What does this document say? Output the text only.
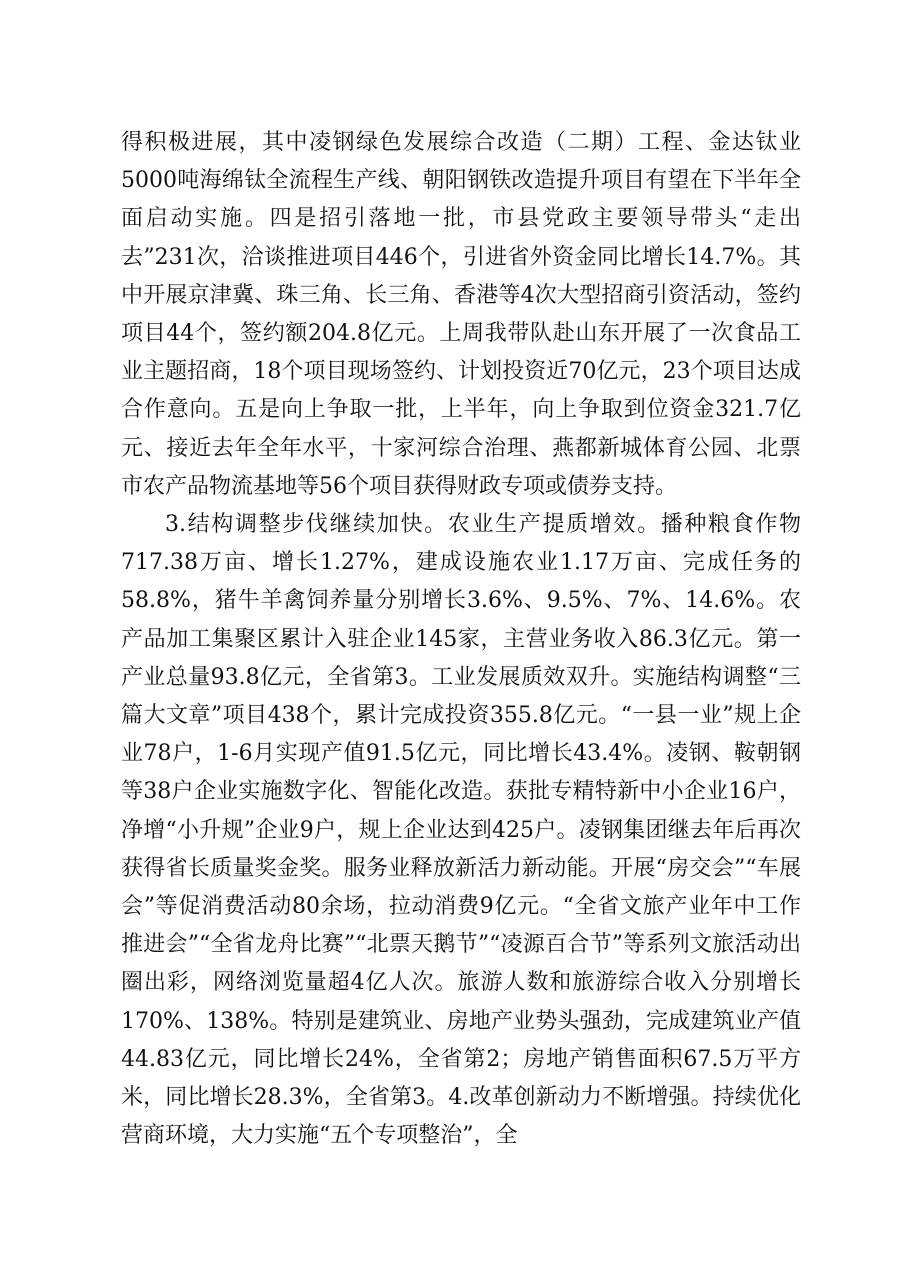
得积极进展，其中凌钢绿色发展综合改造（二期）工程、金达钛业5000吨海绵钛全流程生产线、朝阳钢铁改造提升项目有望在下半年全面启动实施。四是招引落地一批，市县党政主要领导带头“走出去”231次，洽谈推进项目446个，引进省外资金同比增长14.7%。其中开展京津冀、珠三角、长三角、香港等4次大型招商引资活动，签约项目44个，签约额204.8亿元。上周我带队赴山东开展了一次食品工业主题招商，18个项目现场签约、计划投资近70亿元，23个项目达成合作意向。五是向上争取一批，上半年，向上争取到位资金321.7亿元、接近去年全年水平，十家河综合治理、燕都新城体育公园、北票市农产品物流基地等56个项目获得财政专项或债券支持。

3.结构调整步伐继续加快。农业生产提质增效。播种粮食作物717.38万亩、增长1.27%，建成设施农业1.17万亩、完成任务的58.8%，猪牛羊禽饲养量分别增长3.6%、9.5%、7%、14.6%。农产品加工集聚区累计入驻企业145家，主营业务收入86.3亿元。第一产业总量93.8亿元，全省第3。工业发展质效双升。实施结构调整“三篇大文章”项目438个，累计完成投资355.8亿元。“一县一业”规上企业78户，1-6月实现产值91.5亿元，同比增长43.4%。凌钢、鞍朝钢等38户企业实施数字化、智能化改造。获批专精特新中小企业16户，净增“小升规”企业9户，规上企业达到425户。凌钢集团继去年后再次获得省长质量奖金奖。服务业释放新活力新动能。开展“房交会”“车展会”等促消费活动80余场，拉动消费9亿元。“全省文旅产业年中工作推进会”“全省龙舟比赛”“北票天鹅节”“凌源百合节”等系列文旅活动出圈出彩，网络浏览量超4亿人次。旅游人数和旅游综合收入分别增长170%、138%。特别是建筑业、房地产业势头强劲，完成建筑业产值44.83亿元，同比增长24%，全省第2；房地产销售面积67.5万平方米，同比增长28.3%，全省第3。4.改革创新动力不断增强。持续优化营商环境，大力实施“五个专项整治”，全
